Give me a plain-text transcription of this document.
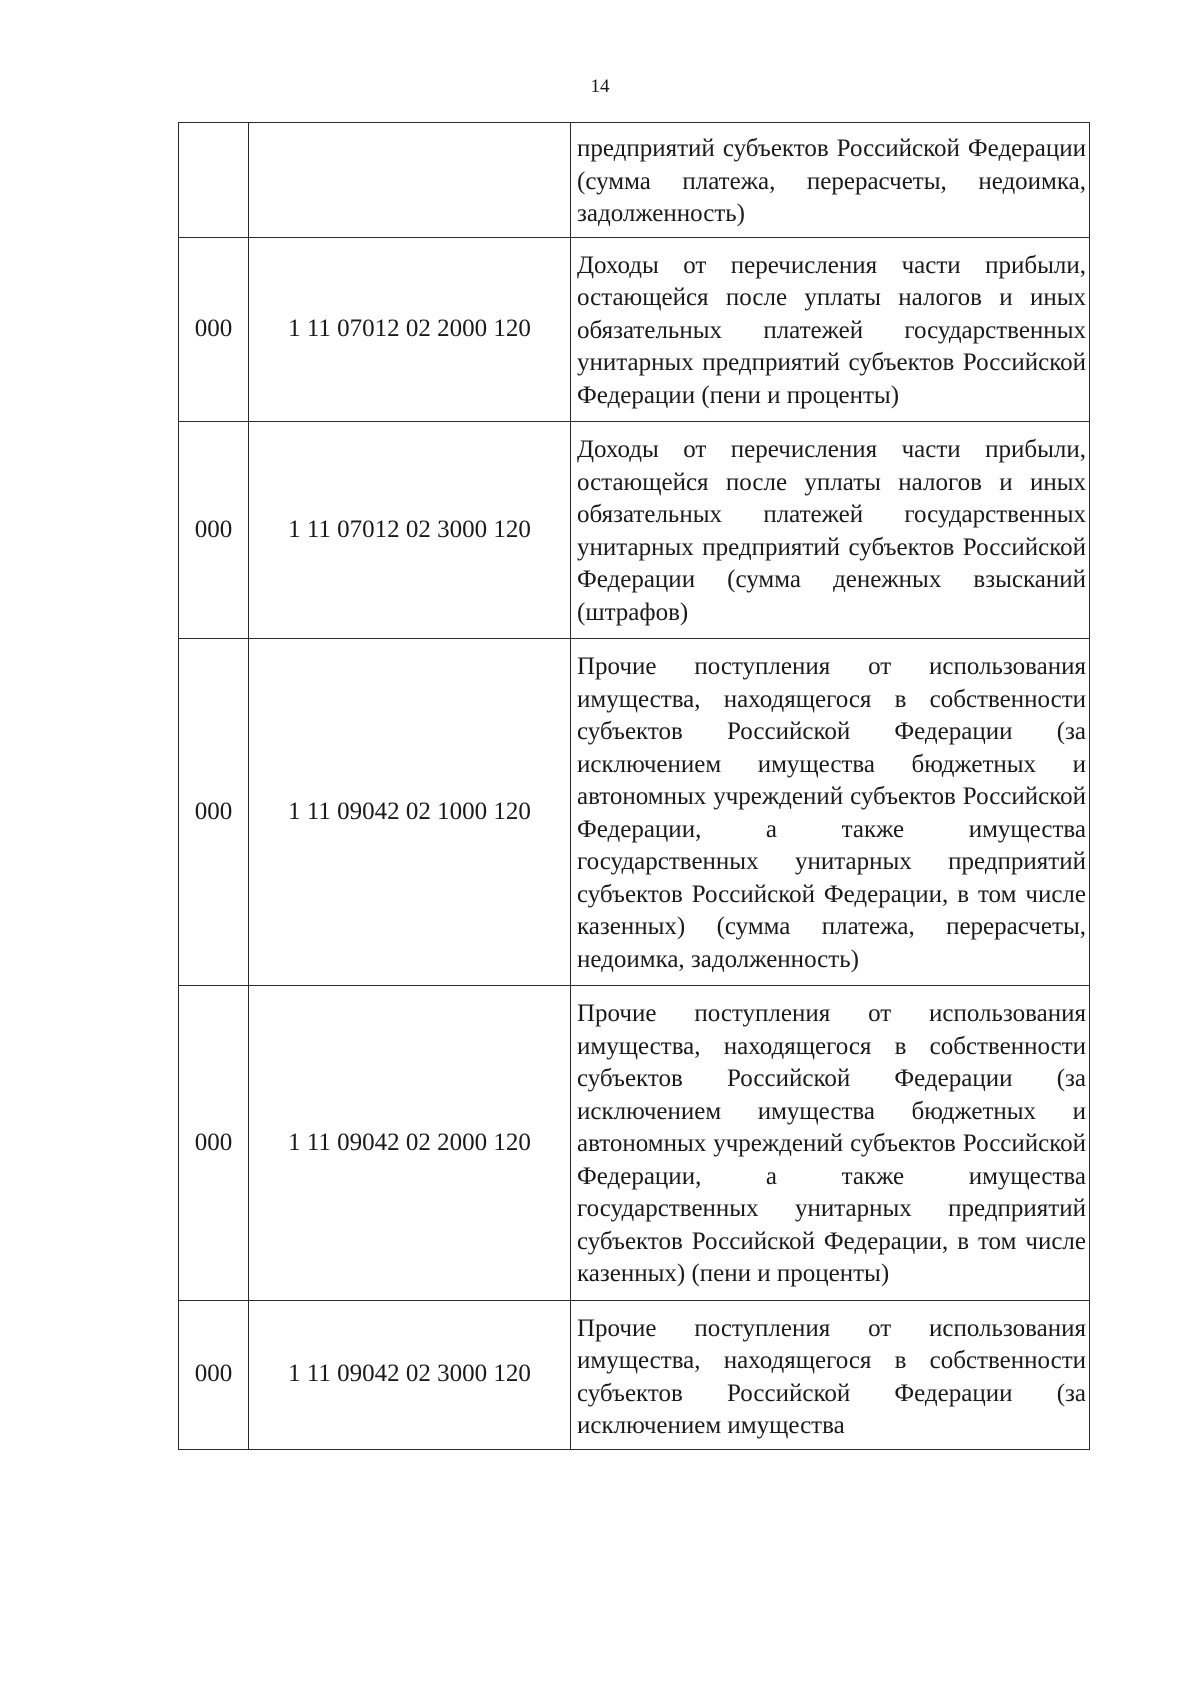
14
		предприятий субъектов Российской Федерации (сумма платежа, перерасчеты, недоимка, задолженность)
000	1 11 07012 02 2000 120	Доходы от перечисления части прибыли, остающейся после уплаты налогов и иных обязательных платежей государственных унитарных предприятий субъектов Российской Федерации (пени и проценты)
000	1 11 07012 02 3000 120	Доходы от перечисления части прибыли, остающейся после уплаты налогов и иных обязательных платежей государственных унитарных предприятий субъектов Российской Федерации (сумма денежных взысканий (штрафов)
000	1 11 09042 02 1000 120	Прочие поступления от использования имущества, находящегося в собственности субъектов Российской Федерации (за исключением имущества бюджетных и автономных учреждений субъектов Российской Федерации, а также имущества государственных унитарных предприятий субъектов Российской Федерации, в том числе казенных) (сумма платежа, перерасчеты, недоимка, задолженность)
000	1 11 09042 02 2000 120	Прочие поступления от использования имущества, находящегося в собственности субъектов Российской Федерации (за исключением имущества бюджетных и автономных учреждений субъектов Российской Федерации, а также имущества государственных унитарных предприятий субъектов Российской Федерации, в том числе казенных) (пени и проценты)
000	1 11 09042 02 3000 120	Прочие поступления от использования имущества, находящегося в собственности субъектов Российской Федерации (за исключением имущества
